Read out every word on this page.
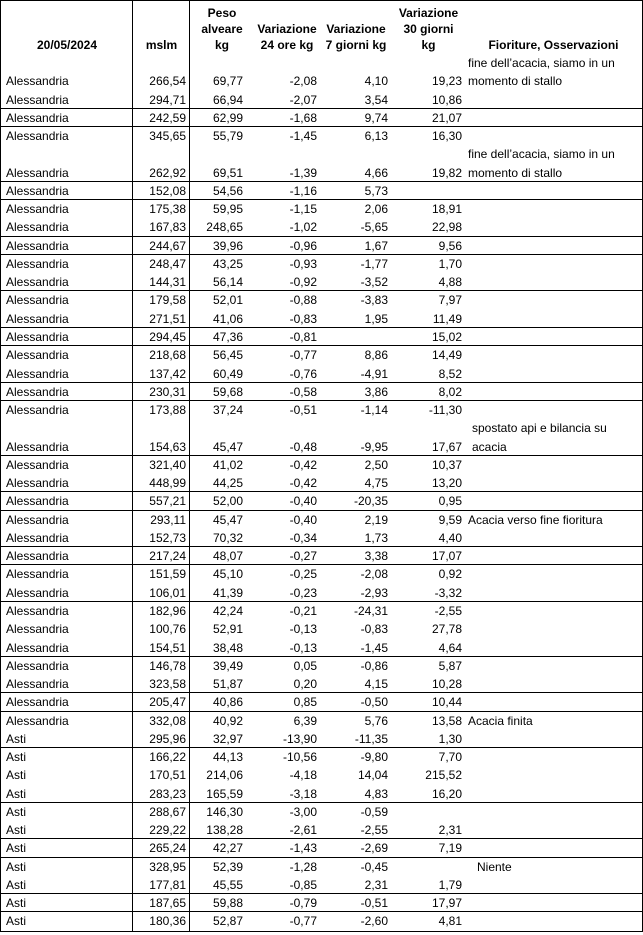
20/05/2024	mslm	Peso alveare kg	Variazione 24 ore kg	Variazione 7 giorni kg	Variazione 30 giorni kg	Fioriture, Osservazioni
Alessandria	266,54	69,77	-2,08	4,10	19,23	fine dell’acacia, siamo in un momento di stallo
Alessandria	294,71	66,94	-2,07	3,54	10,86	
Alessandria	242,59	62,99	-1,68	9,74	21,07	
Alessandria	345,65	55,79	-1,45	6,13	16,30	
Alessandria	262,92	69,51	-1,39	4,66	19,82	fine dell’acacia, siamo in un momento di stallo
Alessandria	152,08	54,56	-1,16	5,73		
Alessandria	175,38	59,95	-1,15	2,06	18,91	
Alessandria	167,83	248,65	-1,02	-5,65	22,98	
Alessandria	244,67	39,96	-0,96	1,67	9,56	
Alessandria	248,47	43,25	-0,93	-1,77	1,70	
Alessandria	144,31	56,14	-0,92	-3,52	4,88	
Alessandria	179,58	52,01	-0,88	-3,83	7,97	
Alessandria	271,51	41,06	-0,83	1,95	11,49	
Alessandria	294,45	47,36	-0,81		15,02	
Alessandria	218,68	56,45	-0,77	8,86	14,49	
Alessandria	137,42	60,49	-0,76	-4,91	8,52	
Alessandria	230,31	59,68	-0,58	3,86	8,02	
Alessandria	173,88	37,24	-0,51	-1,14	-11,30	
Alessandria	154,63	45,47	-0,48	-9,95	17,67	spostato api e bilancia su acacia
Alessandria	321,40	41,02	-0,42	2,50	10,37	
Alessandria	448,99	44,25	-0,42	4,75	13,20	
Alessandria	557,21	52,00	-0,40	-20,35	0,95	
Alessandria	293,11	45,47	-0,40	2,19	9,59	Acacia verso fine fioritura
Alessandria	152,73	70,32	-0,34	1,73	4,40	
Alessandria	217,24	48,07	-0,27	3,38	17,07	
Alessandria	151,59	45,10	-0,25	-2,08	0,92	
Alessandria	106,01	41,39	-0,23	-2,93	-3,32	
Alessandria	182,96	42,24	-0,21	-24,31	-2,55	
Alessandria	100,76	52,91	-0,13	-0,83	27,78	
Alessandria	154,51	38,48	-0,13	-1,45	4,64	
Alessandria	146,78	39,49	0,05	-0,86	5,87	
Alessandria	323,58	51,87	0,20	4,15	10,28	
Alessandria	205,47	40,86	0,85	-0,50	10,44	
Alessandria	332,08	40,92	6,39	5,76	13,58	Acacia finita
Asti	295,96	32,97	-13,90	-11,35	1,30	
Asti	166,22	44,13	-10,56	-9,80	7,70	
Asti	170,51	214,06	-4,18	14,04	215,52	
Asti	283,23	165,59	-3,18	4,83	16,20	
Asti	288,67	146,30	-3,00	-0,59		
Asti	229,22	138,28	-2,61	-2,55	2,31	
Asti	265,24	42,27	-1,43	-2,69	7,19	
Asti	328,95	52,39	-1,28	-0,45		Niente
Asti	177,81	45,55	-0,85	2,31	1,79	
Asti	187,65	59,88	-0,79	-0,51	17,97	
Asti	180,36	52,87	-0,77	-2,60	4,81	
